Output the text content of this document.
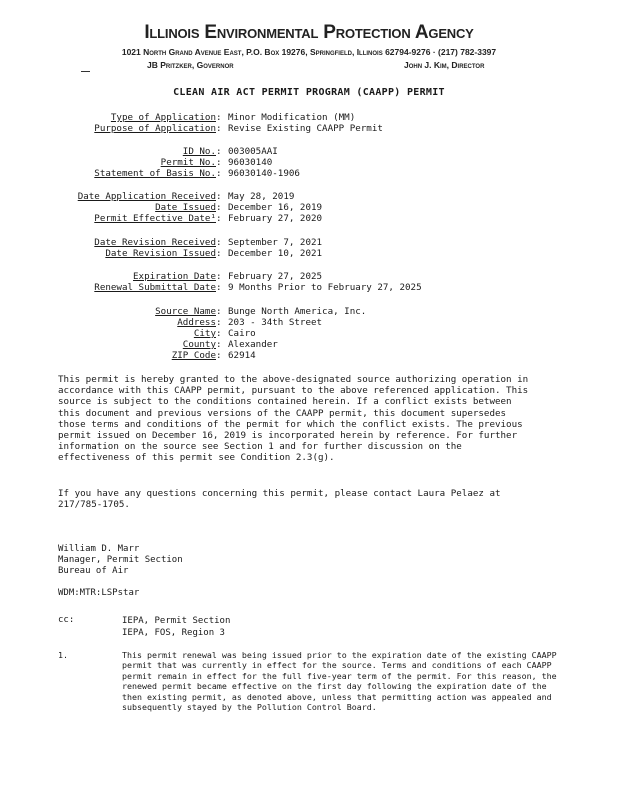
Illinois Environmental Protection Agency
1021 North Grand Avenue East, P.O. Box 19276, Springfield, Illinois 62794-9276 · (217) 782-3397
JB Pritzker, Governor	John J. Kim, Director
CLEAN AIR ACT PERMIT PROGRAM (CAAPP) PERMIT
Type of Application : Minor Modification (MM)
Purpose of Application : Revise Existing CAAPP Permit
ID No. : 003005AAI
Permit No. : 96030140
Statement of Basis No. : 96030140-1906
Date Application Received : May 28, 2019
Date Issued : December 16, 2019
Permit Effective Date¹ : February 27, 2020
Date Revision Received : September 7, 2021
Date Revision Issued : December 10, 2021
Expiration Date : February 27, 2025
Renewal Submittal Date : 9 Months Prior to February 27, 2025
Source Name : Bunge North America, Inc.
Address : 203 - 34th Street
City : Cairo
County : Alexander
ZIP Code : 62914
This permit is hereby granted to the above-designated source authorizing operation in
accordance with this CAAPP permit, pursuant to the above referenced application. This
source is subject to the conditions contained herein. If a conflict exists between
this document and previous versions of the CAAPP permit, this document supersedes
those terms and conditions of the permit for which the conflict exists. The previous
permit issued on December 16, 2019 is incorporated herein by reference. For further
information on the source see Section 1 and for further discussion on the
effectiveness of this permit see Condition 2.3(g).
If you have any questions concerning this permit, please contact Laura Pelaez at
217/785-1705.
William D. Marr
Manager, Permit Section
Bureau of Air
WDM:MTR:LSPstar
cc:	IEPA, Permit Section
IEPA, FOS, Region 3
1.	This permit renewal was being issued prior to the expiration date of the existing CAAPP
permit that was currently in effect for the source. Terms and conditions of each CAAPP
permit remain in effect for the full five-year term of the permit. For this reason, the
renewed permit became effective on the first day following the expiration date of the
then existing permit, as denoted above, unless that permitting action was appealed and
subsequently stayed by the Pollution Control Board.
